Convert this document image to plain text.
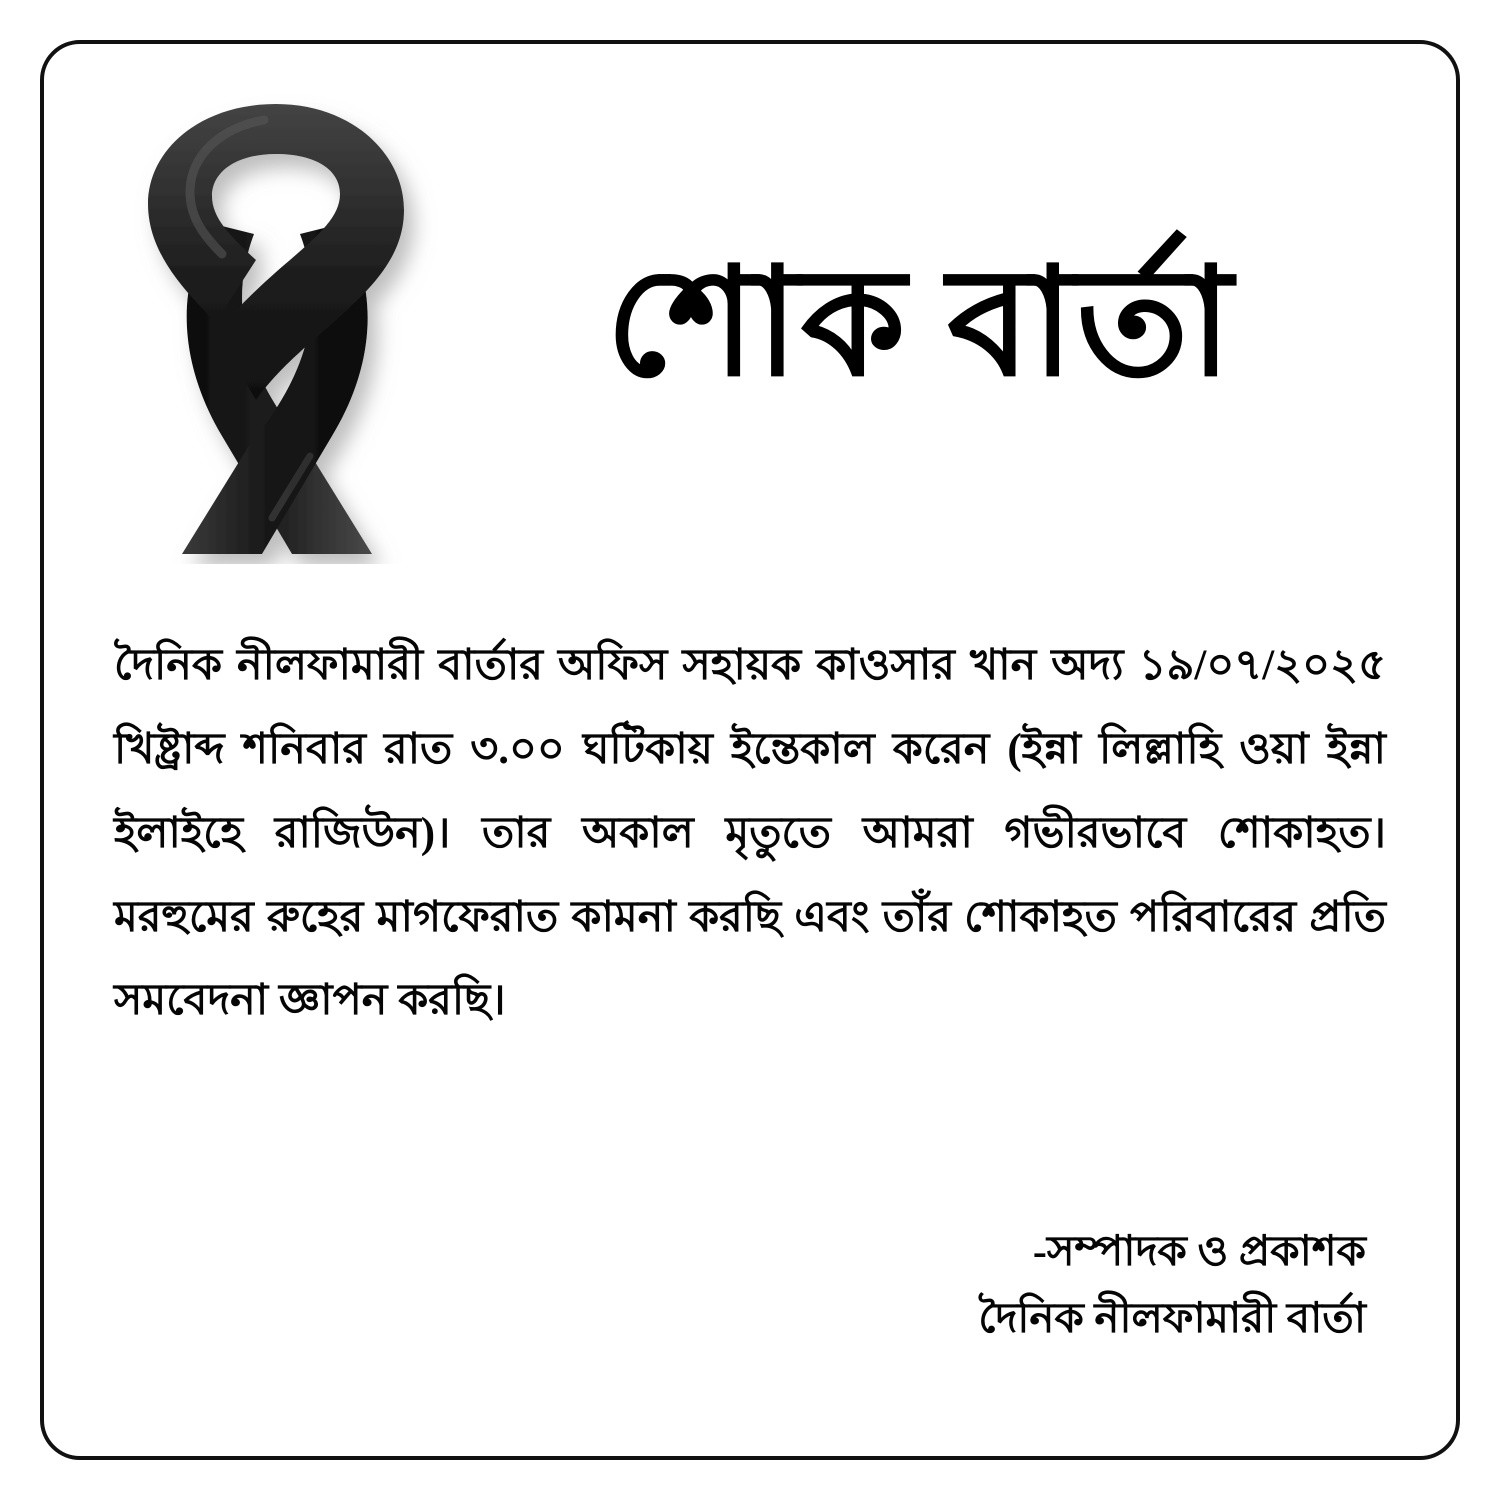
শোক বার্তা
দৈনিক নীলফামারী বার্তার অফিস সহায়ক কাওসার খান অদ্য ১৯/০৭/২০২৫ খিষ্ট্রাব্দ শনিবার রাত ৩.০০ ঘটিকায় ইন্তেকাল করেন (ইন্না লিল্লাহি ওয়া ইন্না ইলাইহে রাজিউন)। তার অকাল মৃতুতে আমরা গভীরভাবে শোকাহত। মরহুমের রুহের মাগফেরাত কামনা করছি এবং তাঁর শোকাহত পরিবারের প্রতি সমবেদনা জ্ঞাপন করছি।
-সম্পাদক ও প্রকাশক
দৈনিক নীলফামারী বার্তা
